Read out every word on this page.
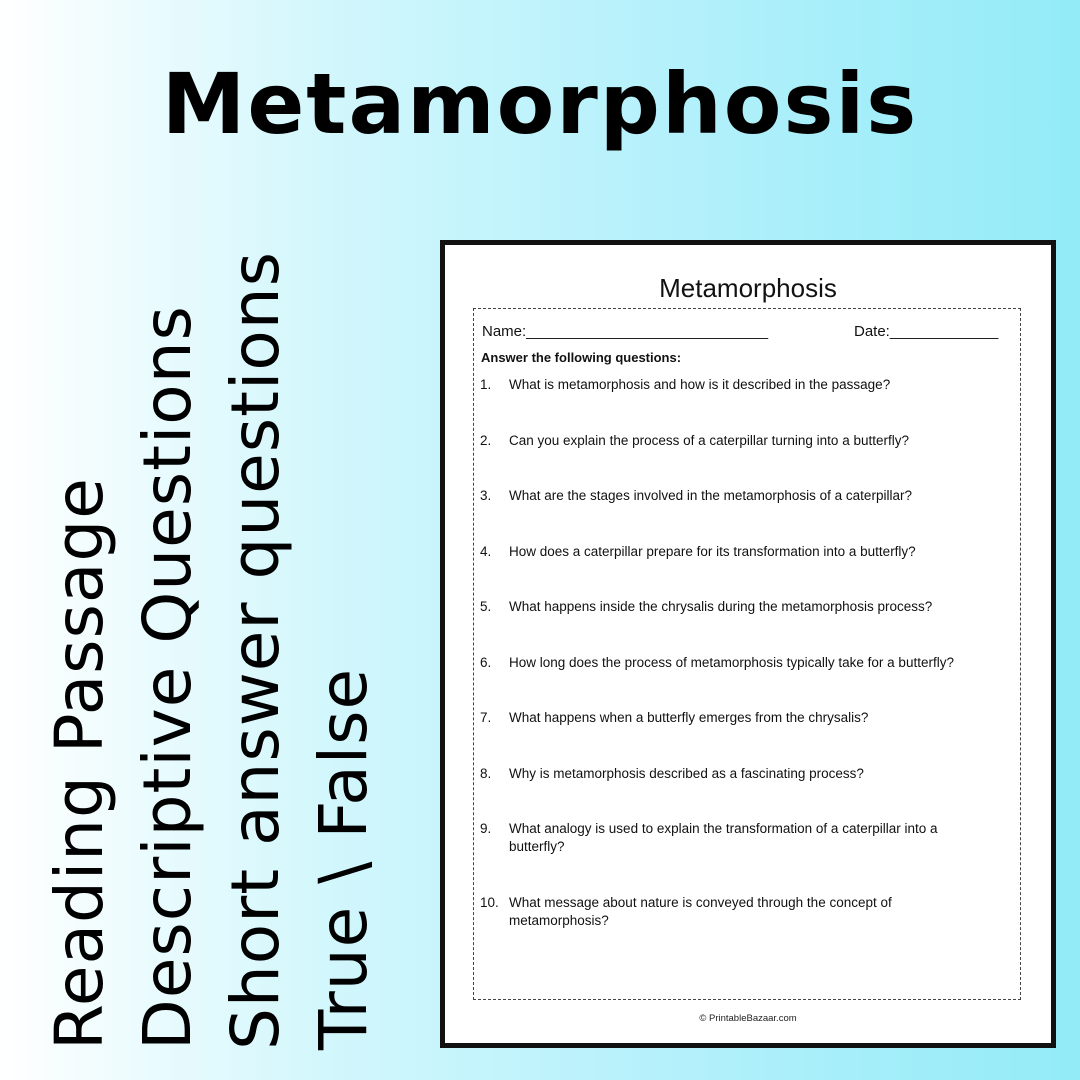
Metamorphosis
Reading Passage Descriptive Questions Short answer questions True \ False
Metamorphosis
Name:_____________________________	Date:_____________
Answer the following questions:
1. What is metamorphosis and how is it described in the passage?
2. Can you explain the process of a caterpillar turning into a butterfly?
3. What are the stages involved in the metamorphosis of a caterpillar?
4. How does a caterpillar prepare for its transformation into a butterfly?
5. What happens inside the chrysalis during the metamorphosis process?
6. How long does the process of metamorphosis typically take for a butterfly?
7. What happens when a butterfly emerges from the chrysalis?
8. Why is metamorphosis described as a fascinating process?
9. What analogy is used to explain the transformation of a caterpillar into a butterfly?
10. What message about nature is conveyed through the concept of metamorphosis?
© PrintableBazaar.com
